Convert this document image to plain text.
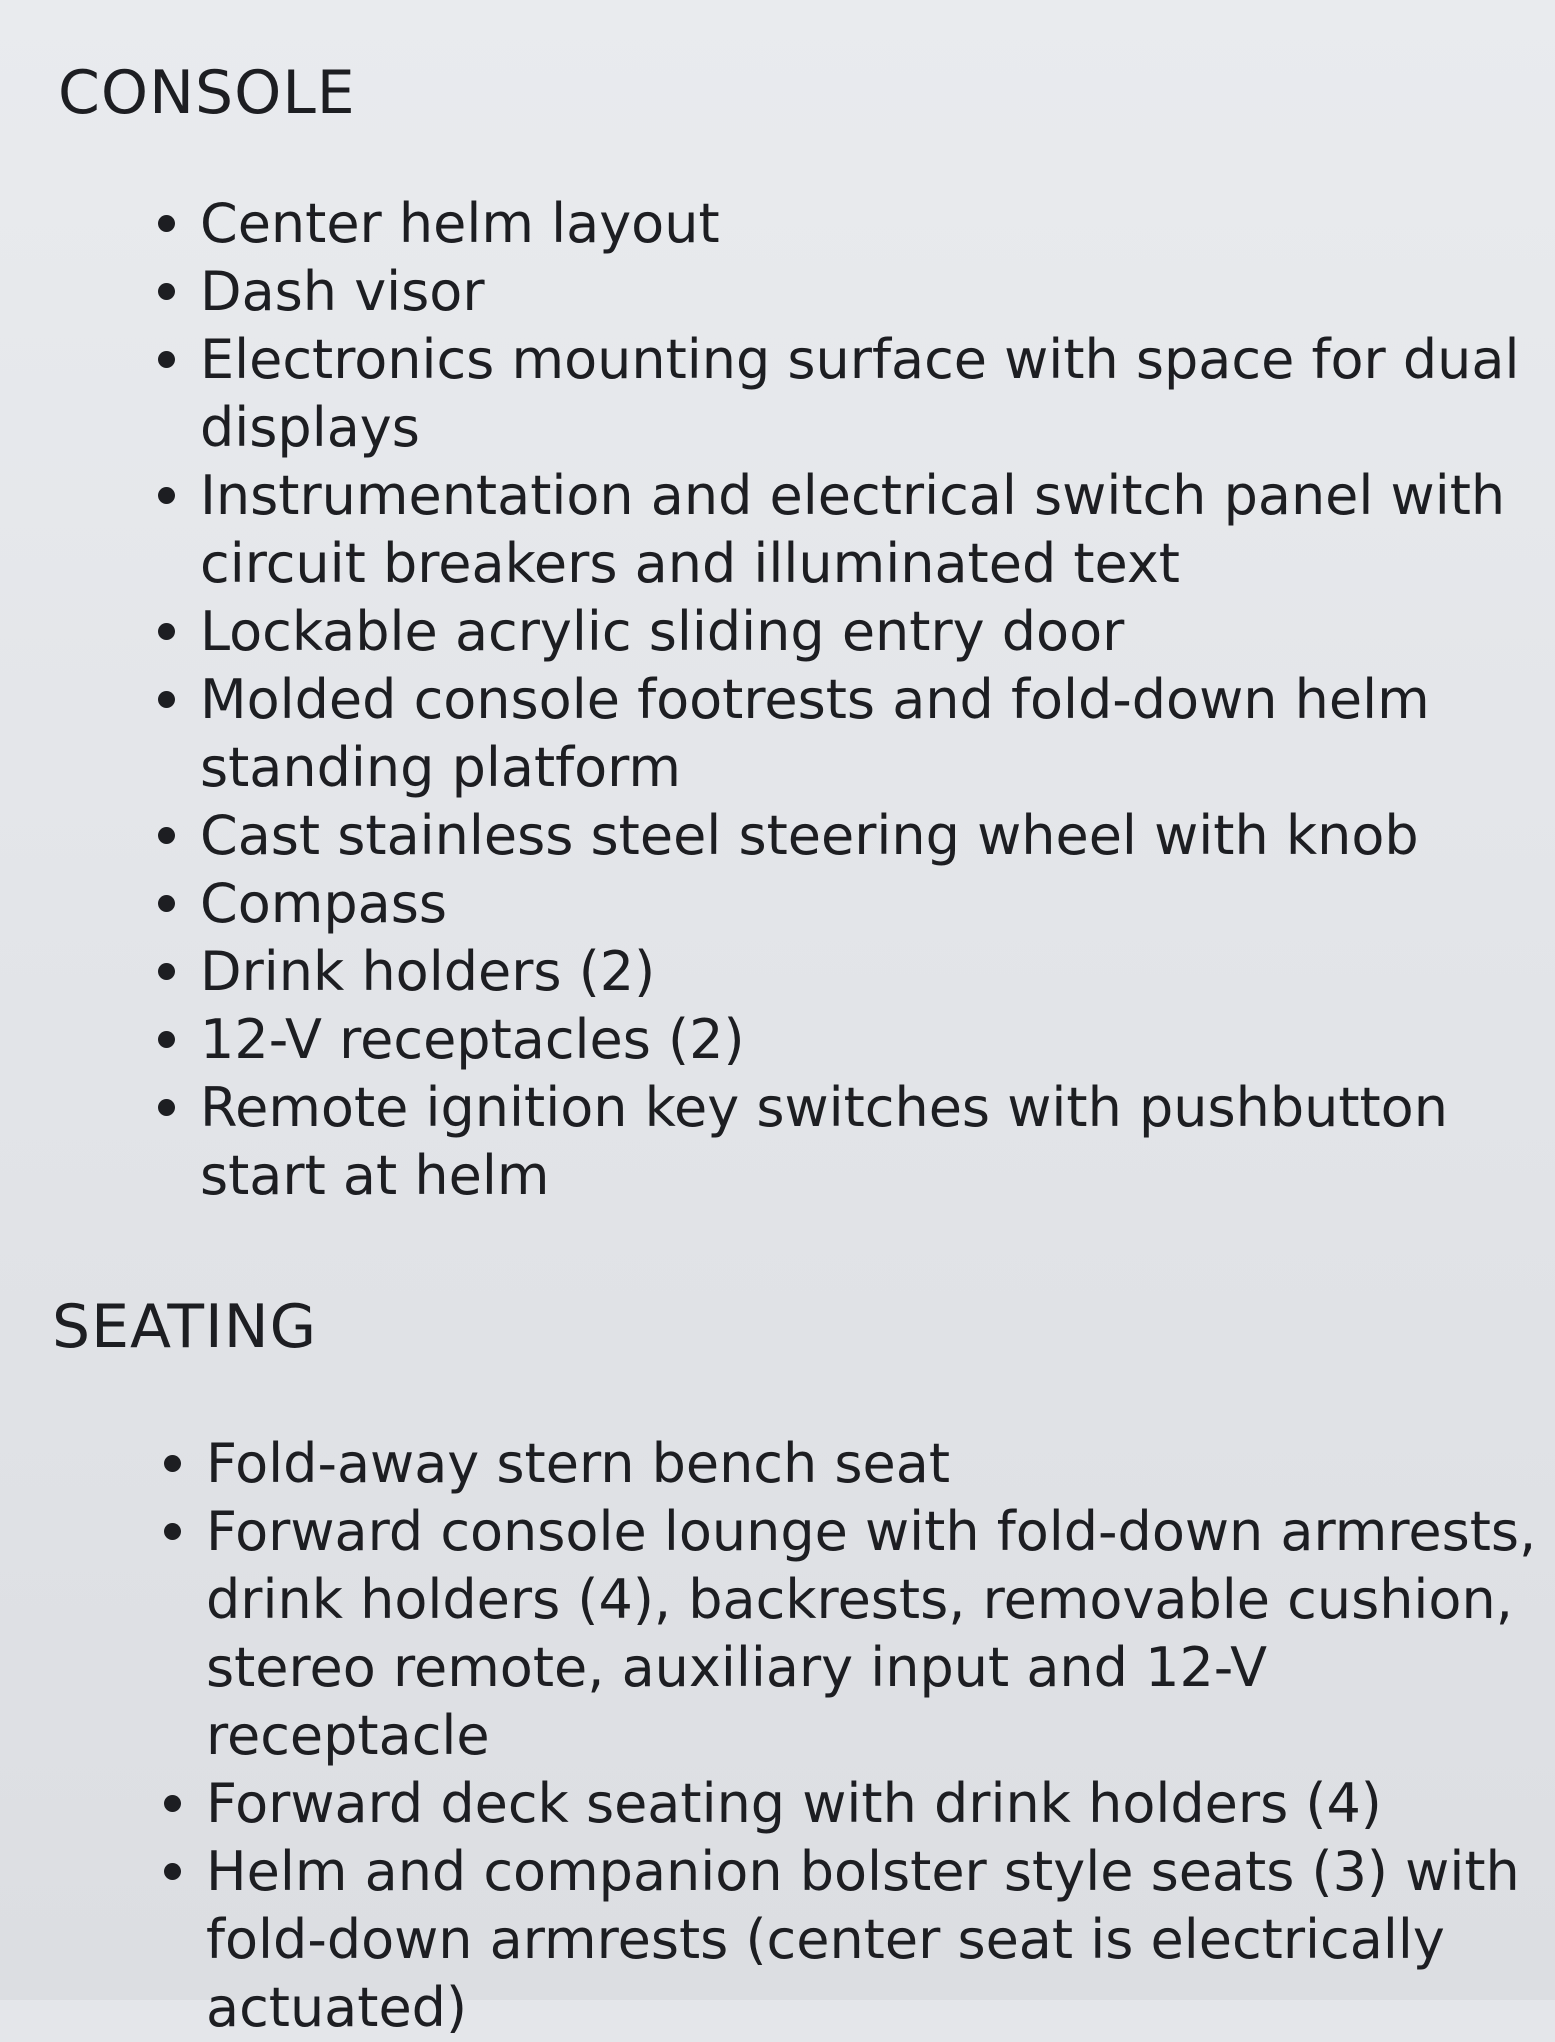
CONSOLE
Center helm layout
Dash visor
Electronics mounting surface with space for dual displays
Instrumentation and electrical switch panel with circuit breakers and illuminated text
Lockable acrylic sliding entry door
Molded console footrests and fold-down helm standing platform
Cast stainless steel steering wheel with knob
Compass
Drink holders (2)
12-V receptacles (2)
Remote ignition key switches with pushbutton start at helm
SEATING
Fold-away stern bench seat
Forward console lounge with fold-down armrests, drink holders (4), backrests, removable cushion, stereo remote, auxiliary input and 12-V receptacle
Forward deck seating with drink holders (4)
Helm and companion bolster style seats (3) with fold-down armrests (center seat is electrically actuated)
